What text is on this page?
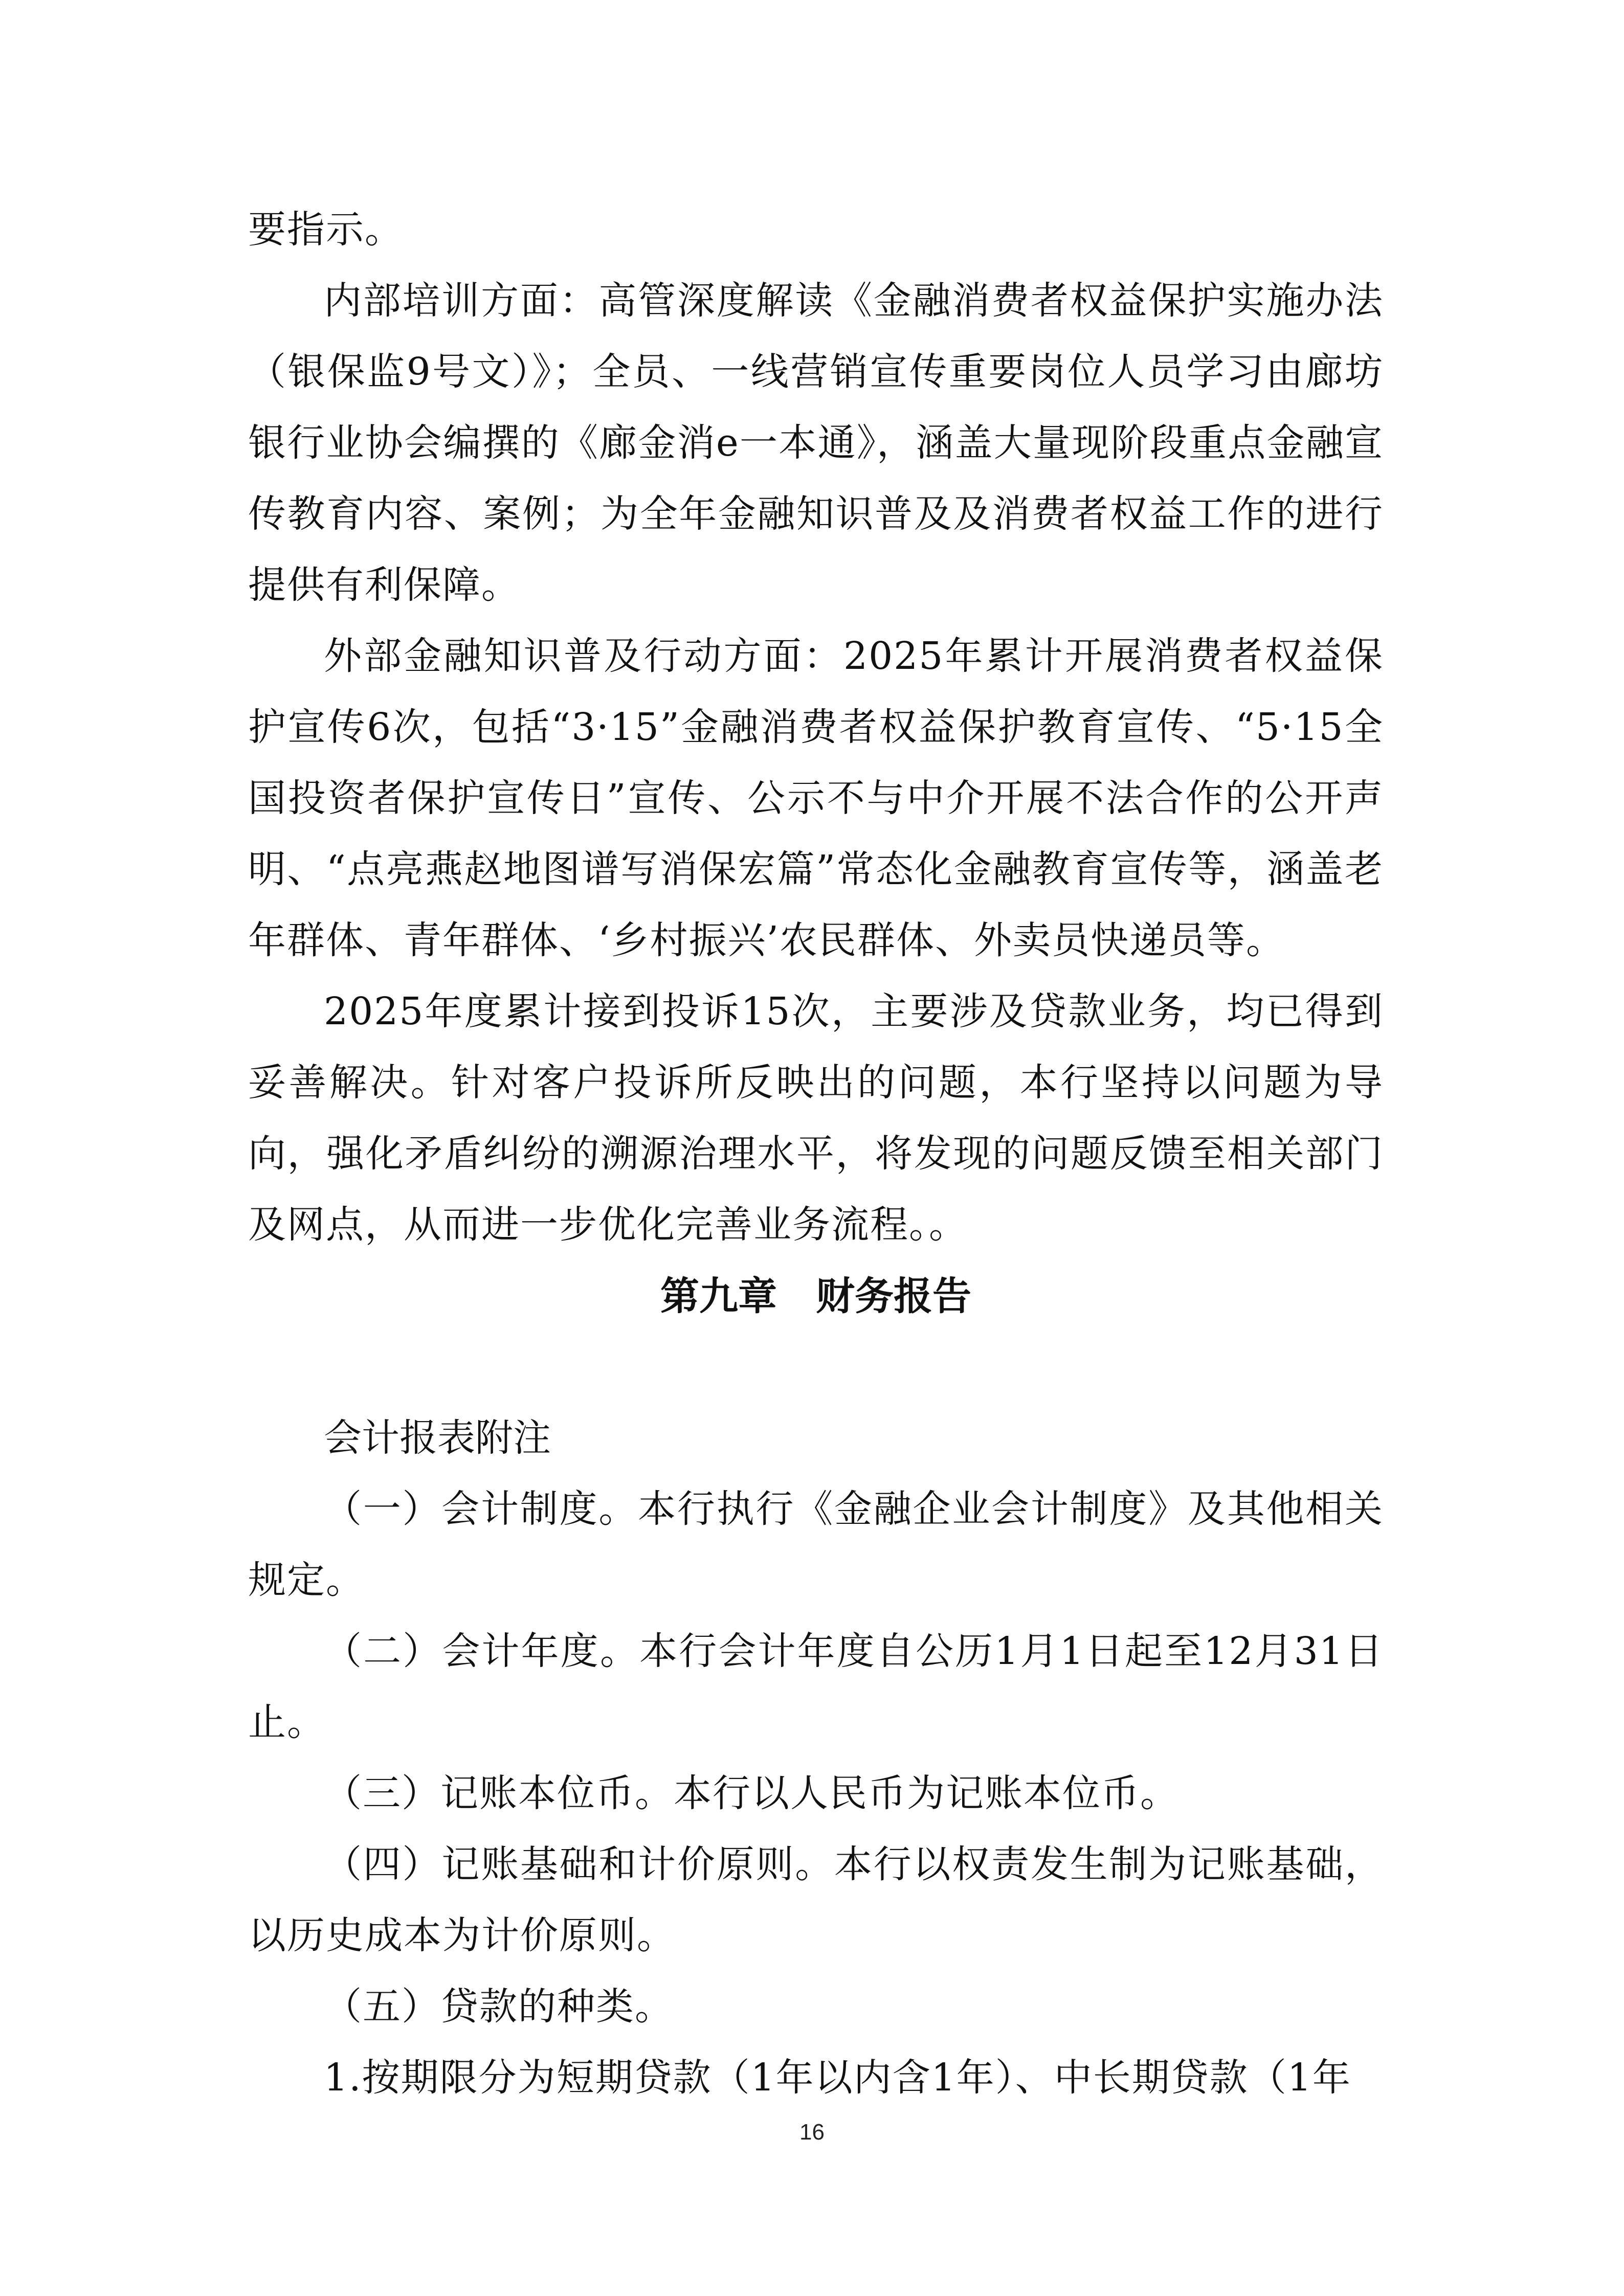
要指示。

内部培训方面：高管深度解读《金融消费者权益保护实施办法（银保监9号文）》；全员、一线营销宣传重要岗位人员学习由廊坊银行业协会编撰的《廊金消e一本通》，涵盖大量现阶段重点金融宣传教育内容、案例；为全年金融知识普及及消费者权益工作的进行提供有利保障。

外部金融知识普及行动方面：2025年累计开展消费者权益保护宣传6次，包括“3·15”金融消费者权益保护教育宣传、“5·15全国投资者保护宣传日”宣传、公示不与中介开展不法合作的公开声明、“点亮燕赵地图谱写消保宏篇”常态化金融教育宣传等，涵盖老年群体、青年群体、‘乡村振兴’农民群体、外卖员快递员等。

2025年度累计接到投诉15次，主要涉及贷款业务，均已得到妥善解决。针对客户投诉所反映出的问题，本行坚持以问题为导向，强化矛盾纠纷的溯源治理水平，将发现的问题反馈至相关部门及网点，从而进一步优化完善业务流程。。

第九章　财务报告
会计报表附注

（一）会计制度。本行执行《金融企业会计制度》及其他相关规定。

（二）会计年度。本行会计年度自公历1月1日起至12月31日止。

（三）记账本位币。本行以人民币为记账本位币。

（四）记账基础和计价原则。本行以权责发生制为记账基础，以历史成本为计价原则。

（五）贷款的种类。

1.按期限分为短期贷款（1年以内含1年）、中长期贷款（1年

16
